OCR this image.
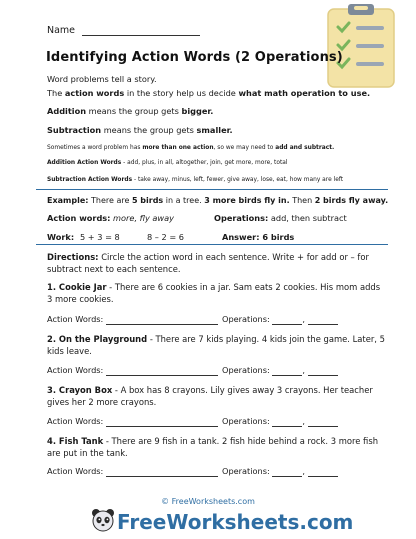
Name
Identifying Action Words (2 Operations)
Word problems tell a story.
The action words in the story help us decide what math operation to use.
Addition means the group gets bigger.
Subtraction means the group gets smaller.
Sometimes a word problem has more than one action, so we may need to add and subtract.
Addition Action Words - add, plus, in all, altogether, join, get more, more, total
Subtraction Action Words - take away, minus, left, fewer, give away, lose, eat, how many are left
Example: There are 5 birds in a tree. 3 more birds fly in. Then 2 birds fly away.
Action words: more, fly away	Operations: add, then subtract
Work: 5 + 3 = 8	8 – 2 = 6	Answer: 6 birds
Directions: Circle the action word in each sentence. Write + for add or – for subtract next to each sentence.
1. Cookie Jar - There are 6 cookies in a jar. Sam eats 2 cookies. His mom adds 3 more cookies.
Action Words:	Operations:	,
2. On the Playground - There are 7 kids playing. 4 kids join the game. Later, 5 kids leave.
Action Words:	Operations:	,
3. Crayon Box - A box has 8 crayons. Lily gives away 3 crayons. Her teacher gives her 2 more crayons.
Action Words:	Operations:	,
4. Fish Tank - There are 9 fish in a tank. 2 fish hide behind a rock. 3 more fish are put in the tank.
Action Words:	Operations:	,
© FreeWorksheets.com
FreeWorksheets.com
